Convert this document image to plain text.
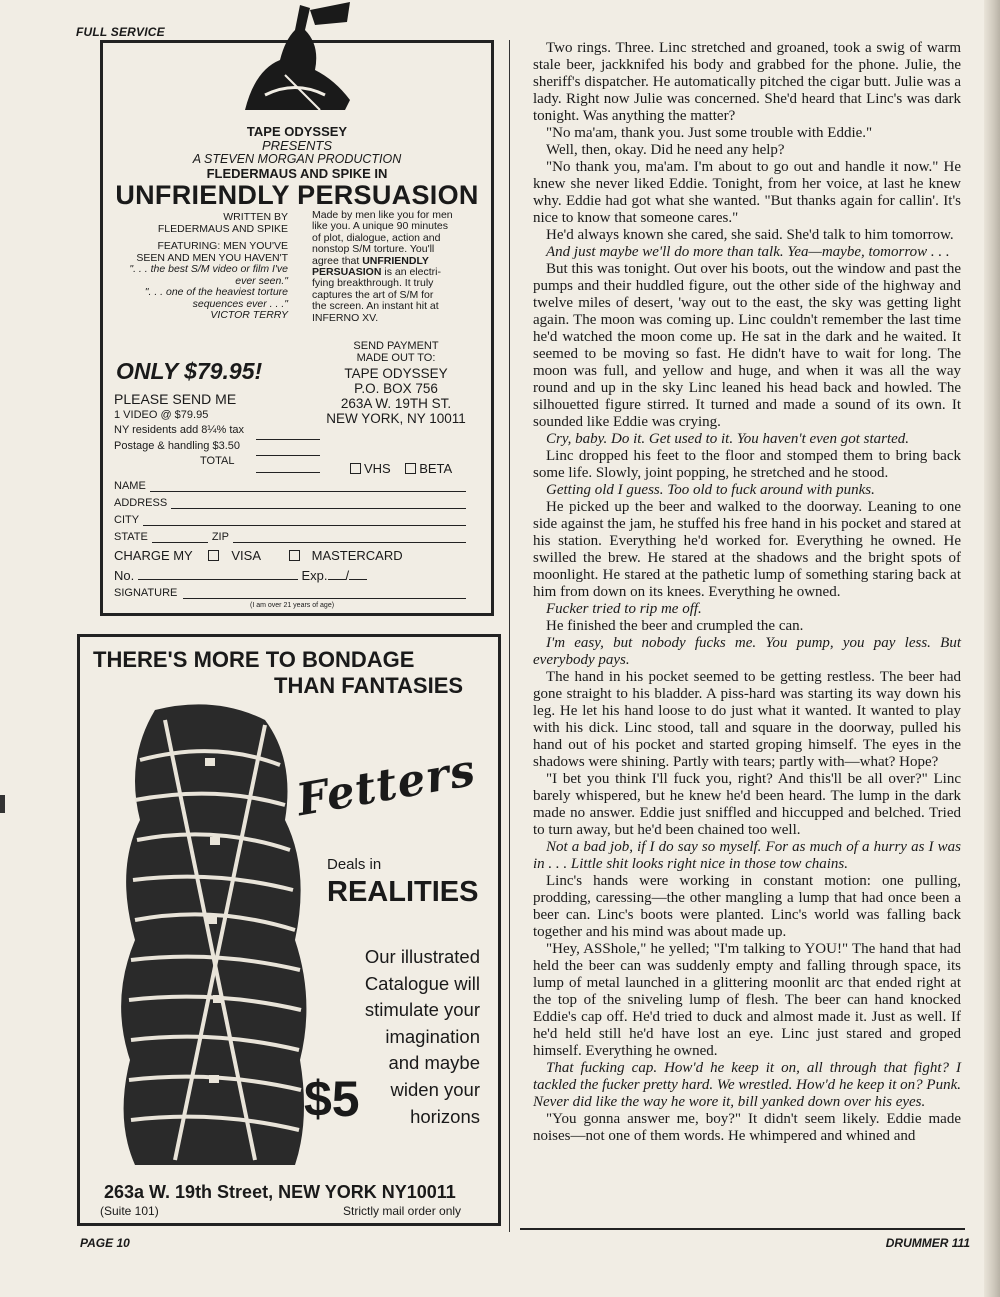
FULL SERVICE
TAPE ODYSSEY
PRESENTS
A STEVEN MORGAN PRODUCTION
FLEDERMAUS AND SPIKE IN
UNFRIENDLY PERSUASION
WRITTEN BY
FLEDERMAUS AND SPIKE
FEATURING: MEN YOU'VE
SEEN AND MEN YOU HAVEN'T
". . . the best S/M video or film I've
ever seen."
". . . one of the heaviest torture
sequences ever . . ."
VICTOR TERRY
Made by men like you for men
like you. A unique 90 minutes
of plot, dialogue, action and
nonstop S/M torture. You'll
agree that UNFRIENDLY
PERSUASION is an electri-
fying breakthrough. It truly
captures the art of S/M for
the screen. An instant hit at
INFERNO XV.
ONLY $79.95!
SEND PAYMENT
MADE OUT TO:
TAPE ODYSSEY
P.O. BOX 756
263A W. 19TH ST.
NEW YORK, NY 10011
PLEASE SEND ME
1 VIDEO @ $79.95
NY residents add 8¼% tax
Postage & handling $3.50
TOTAL	VHS BETA
NAME
ADDRESS
CITY
STATE	ZIP
CHARGE MY	VISA	MASTERCARD
No.	Exp. /
SIGNATURE
(I am over 21 years of age)
THERE'S MORE TO BONDAGE
THAN FANTASIES
Fetters
Deals in
REALITIES
Our illustrated
Catalogue will
stimulate your
imagination
and maybe
widen your
horizons
$5
263a W. 19th Street, NEW YORK NY10011
(Suite 101)	Strictly mail order only

Two rings. Three. Linc stretched and groaned, took a swig of warm stale beer, jackknifed his body and grabbed for the phone. Julie, the sheriff's dispatcher. He automatically pitched the cigar butt. Julie was a lady. Right now Julie was concerned. She'd heard that Linc's was dark tonight. Was anything the matter?

"No ma'am, thank you. Just some trouble with Eddie."

Well, then, okay. Did he need any help?

"No thank you, ma'am. I'm about to go out and handle it now." He knew she never liked Eddie. Tonight, from her voice, at last he knew why. Eddie had got what she wanted. "But thanks again for callin'. It's nice to know that someone cares."

He'd always known she cared, she said. She'd talk to him tomorrow.

And just maybe we'll do more than talk. Yea—maybe, tomorrow . . .

But this was tonight. Out over his boots, out the window and past the pumps and their huddled figure, out the other side of the highway and twelve miles of desert, 'way out to the east, the sky was getting light again. The moon was coming up. Linc couldn't remember the last time he'd watched the moon come up. He sat in the dark and he waited. It seemed to be moving so fast. He didn't have to wait for long. The moon was full, and yellow and huge, and when it was all the way round and up in the sky Linc leaned his head back and howled. The silhouetted figure stirred. It turned and made a sound of its own. It sounded like Eddie was crying.

Cry, baby. Do it. Get used to it. You haven't even got started.

Linc dropped his feet to the floor and stomped them to bring back some life. Slowly, joint popping, he stretched and he stood.

Getting old I guess. Too old to fuck around with punks.

He picked up the beer and walked to the doorway. Leaning to one side against the jam, he stuffed his free hand in his pocket and stared at his station. Everything he'd worked for. Everything he owned. He swilled the brew. He stared at the shadows and the bright spots of moonlight. He stared at the pathetic lump of something staring back at him from down on its knees. Everything he owned.

Fucker tried to rip me off.

He finished the beer and crumpled the can.

I'm easy, but nobody fucks me. You pump, you pay less. But everybody pays.

The hand in his pocket seemed to be getting restless. The beer had gone straight to his bladder. A piss-hard was starting its way down his leg. He let his hand loose to do just what it wanted. It wanted to play with his dick. Linc stood, tall and square in the doorway, pulled his hand out of his pocket and started groping himself. The eyes in the shadows were shining. Partly with tears; partly with—what? Hope?

"I bet you think I'll fuck you, right? And this'll be all over?" Linc barely whispered, but he knew he'd been heard. The lump in the dark made no answer. Eddie just sniffled and hiccupped and belched. Tried to turn away, but he'd been chained too well.

Not a bad job, if I do say so myself. For as much of a hurry as I was in . . . Little shit looks right nice in those tow chains.

Linc's hands were working in constant motion: one pulling, prodding, caressing—the other mangling a lump that had once been a beer can. Linc's boots were planted. Linc's world was falling back together and his mind was about made up.

"Hey, ASShole," he yelled; "I'm talking to YOU!" The hand that had held the beer can was suddenly empty and falling through space, its lump of metal launched in a glittering moonlit arc that ended right at the top of the sniveling lump of flesh. The beer can hand knocked Eddie's cap off. He'd tried to duck and almost made it. Just as well. If he'd held still he'd have lost an eye. Linc just stared and groped himself. Everything he owned.

That fucking cap. How'd he keep it on, all through that fight? I tackled the fucker pretty hard. We wrestled. How'd he keep it on? Punk. Never did like the way he wore it, bill yanked down over his eyes.

"You gonna answer me, boy?" It didn't seem likely. Eddie made noises—not one of them words. He whimpered and whined and

PAGE 10	DRUMMER 111
